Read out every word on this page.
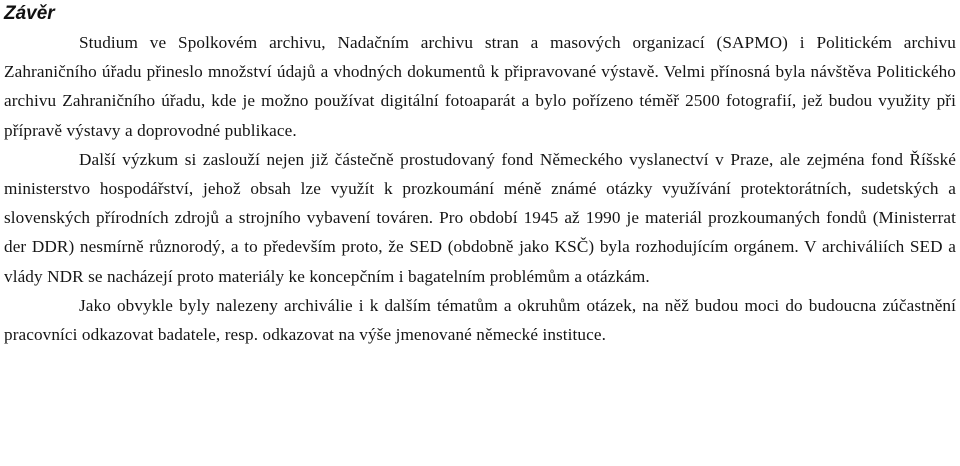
Závěr

Studium ve Spolkovém archivu, Nadačním archivu stran a masových organizací (SAPMO) i Politickém archivu Zahraničního úřadu přineslo množství údajů a vhodných dokumentů k připravované výstavě. Velmi přínosná byla návštěva Politického archivu Zahraničního úřadu, kde je možno používat digitální fotoaparát a bylo pořízeno téměř 2500 fotografií, jež budou využity při přípravě výstavy a doprovodné publikace.

Další výzkum si zaslouží nejen již částečně prostudovaný fond Německého vyslanectví v Praze, ale zejména fond Říšské ministerstvo hospodářství, jehož obsah lze využít k prozkoumání méně známé otázky využívání protektorátních, sudetských a slovenských přírodních zdrojů a strojního vybavení továren. Pro období 1945 až 1990 je materiál prozkoumaných fondů (Ministerrat der DDR) nesmírně různorodý, a to především proto, že SED (obdobně jako KSČ) byla rozhodujícím orgánem. V archiváliích SED a vlády NDR se nacházejí proto materiály ke koncepčním i bagatelním problémům a otázkám.

Jako obvykle byly nalezeny archiválie i k dalším tématům a okruhům otázek, na něž budou moci do budoucna zúčastnění pracovníci odkazovat badatele, resp. odkazovat na výše jmenované německé instituce.
